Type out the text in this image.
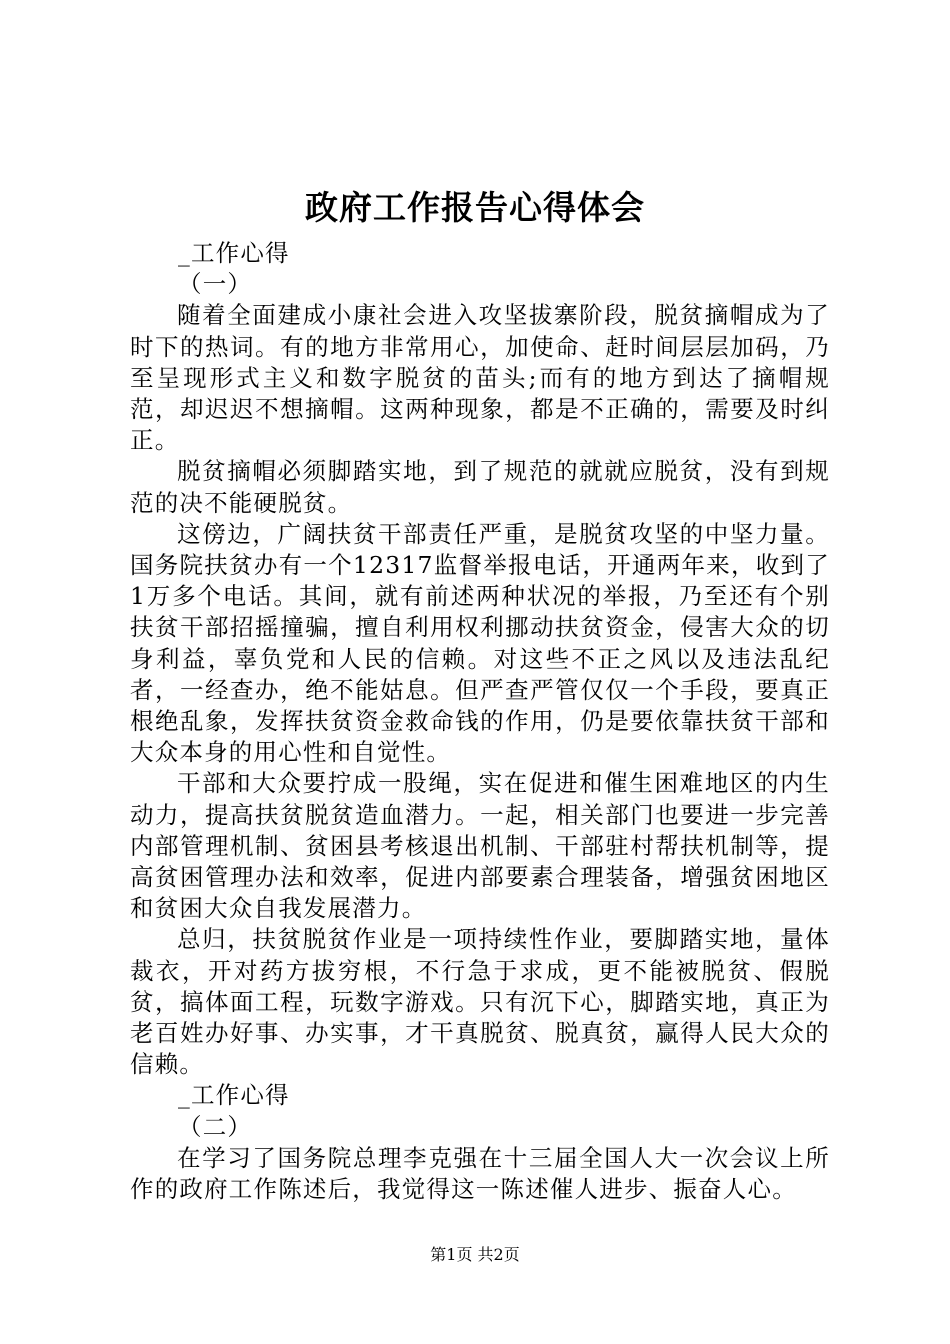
政府工作报告心得体会

_工作心得

（一）

随着全面建成小康社会进入攻坚拔寨阶段，脱贫摘帽成为了时下的热词。有的地方非常用心，加使命、赶时间层层加码，乃至呈现形式主义和数字脱贫的苗头;而有的地方到达了摘帽规范，却迟迟不想摘帽。这两种现象，都是不正确的，需要及时纠正。

脱贫摘帽必须脚踏实地，到了规范的就就应脱贫，没有到规范的决不能硬脱贫。

这傍边，广阔扶贫干部责任严重，是脱贫攻坚的中坚力量。国务院扶贫办有一个12317监督举报电话，开通两年来，收到了1万多个电话。其间，就有前述两种状况的举报，乃至还有个别扶贫干部招摇撞骗，擅自利用权利挪动扶贫资金，侵害大众的切身利益，辜负党和人民的信赖。对这些不正之风以及违法乱纪者，一经查办，绝不能姑息。但严查严管仅仅一个手段，要真正根绝乱象，发挥扶贫资金救命钱的作用，仍是要依靠扶贫干部和大众本身的用心性和自觉性。

干部和大众要拧成一股绳，实在促进和催生困难地区的内生动力，提高扶贫脱贫造血潜力。一起，相关部门也要进一步完善内部管理机制、贫困县考核退出机制、干部驻村帮扶机制等，提高贫困管理办法和效率，促进内部要素合理装备，增强贫困地区和贫困大众自我发展潜力。

总归，扶贫脱贫作业是一项持续性作业，要脚踏实地，量体裁衣，开对药方拔穷根，不行急于求成，更不能被脱贫、假脱贫，搞体面工程，玩数字游戏。只有沉下心，脚踏实地，真正为老百姓办好事、办实事，才干真脱贫、脱真贫，赢得人民大众的信赖。

_工作心得

（二）

在学习了国务院总理李克强在十三届全国人大一次会议上所作的政府工作陈述后，我觉得这一陈述催人进步、振奋人心。

第1页 共2页
